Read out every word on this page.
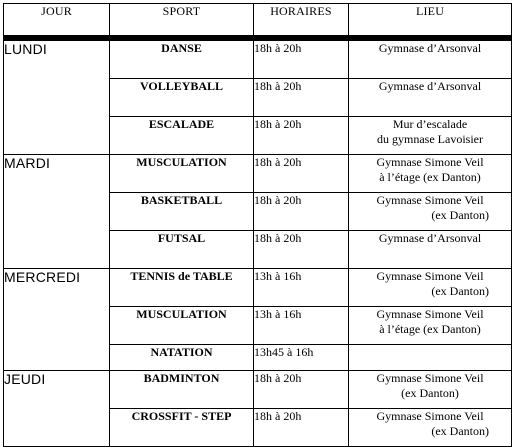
JOUR	SPORT	HORAIRES	LIEU

LUNDI	DANSE	18h à 20h	Gymnase d’Arsonval

	VOLLEYBALL	18h à 20h	Gymnase d’Arsonval

	ESCALADE	18h à 20h	Mur d’escalade
du gymnase Lavoisier

MARDI	MUSCULATION	18h à 20h	Gymnase Simone Veil
à l’étage (ex Danton)

	BASKETBALL	18h à 20h	Gymnase Simone Veil
(ex Danton)

	FUTSAL	18h à 20h	Gymnase d’Arsonval

MERCREDI	TENNIS de TABLE	13h à 16h	Gymnase Simone Veil
(ex Danton)

	MUSCULATION	13h à 16h	Gymnase Simone Veil
à l’étage (ex Danton)

	NATATION	13h45 à 16h	
JEUDI	BADMINTON	18h à 20h	Gymnase Simone Veil
(ex Danton)

	CROSSFIT - STEP	18h à 20h	Gymnase Simone Veil
(ex Danton)
